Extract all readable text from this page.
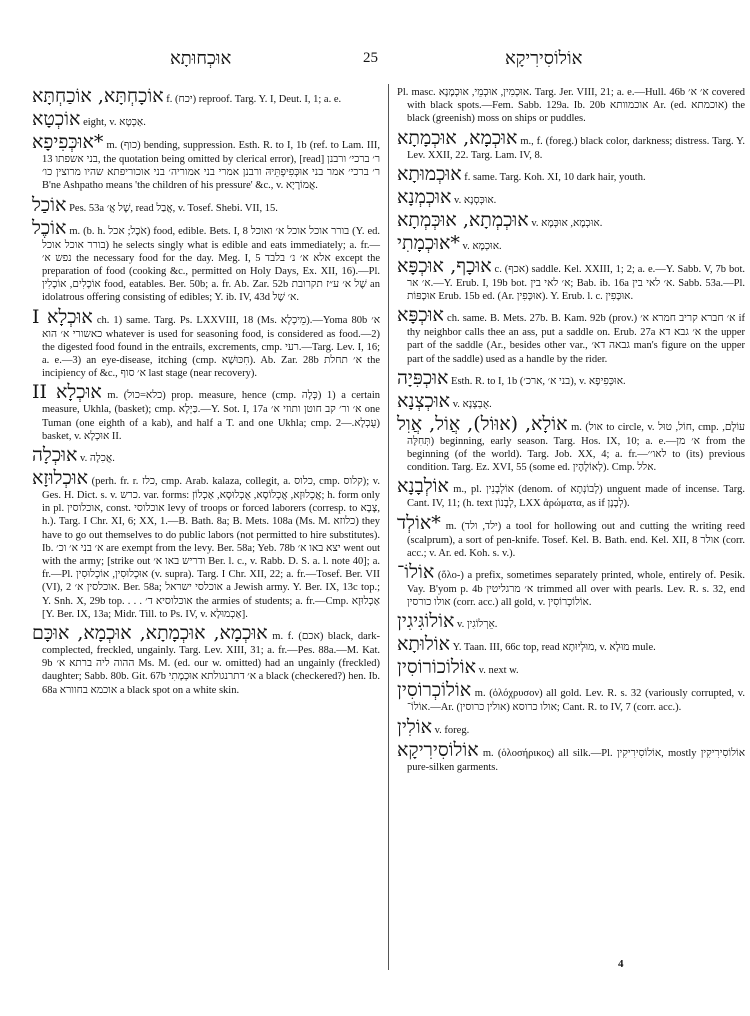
אוּכְחוּתָא	25	אוֹלוֹסִירִיקָא

אוֹכָחְתָּא, אוֹכַחְתָּא f. (יכח) reproof. Targ. Y. I, Deut. I, 1; a. e.

אוֹכְטָא eight, v. אַכְטָא.

*אוּכְּפִיפָא m. (כוף) bending, suppression. Esth. R. to I, 1b (ref. to Lam. III, 13 בני אשפתו, the quotation being omitted by clerical error), [read] ר׳ ברכי׳ ורבנן ר׳ ברכי׳ אמר בני אוּכְּפִיפְתֵּיהּ ורבנן אמרי בני אמוריה׳ בני אוכוריפתא שהיו מרוצין כו׳ B'ne Ashpatho means 'the children of his pressure' &c., v. אֲמוֹרָיָא.

אוֹכַל Pes. 53a שֶׁל אֲ׳, read אֲבַל, v. Tosef. Shebi. VII, 15.

אוֹכֶל m. (b. h. אֹכֶל; אכל) food, edible. Bets. I, 8 בורר אוכל אוכל א׳ ואוכל (Y. ed. בורר אוכל אוכל) he selects singly what is edible and eats immediately; a. fr.—נפש א׳ the necessary food for the day. Meg. I, 5 אלא א׳ נ׳ בלבד except the preparation of food (cooking &c., permitted on Holy Days, Ex. XII, 16).—Pl. אוֹכָלִים, אוֹכָלִין food, eatables. Ber. 50b; a. fr. Ab. Zar. 52b שֶׁל א׳ ע״ז תקרובת an idolatrous offering consisting of edibles; Y. ib. IV, 43d א׳ שֶׁל.

אוּכְלָא I ch. 1) same. Targ. Ps. LXXVIII, 18 (Ms. מֵיכְלָא).—Yoma 80b א׳ כאשורי א׳ הוא whatever is used for seasoning food, is considered as food.—2) the digested food found in the entrails, excrements, cmp. רעי.—Targ. Lev. I, 16; a. e.—3) an eye-disease, itching (cmp. חִכּוּשָׁא). Ab. Zar. 28b א׳ תחלת the incipiency of &c., א׳ סוף last stage (near recovery).

אוּכְלָא II m. (כלא=כול) prop. measure, hence (cmp. כְּלָה) 1) a certain measure, Ukhla, (basket); cmp. כַּיְלָא.—Y. Sot. I, 17a א׳ ור׳ קב חוטן ותוזי א׳ one Tuman (one eighth of a kab), and half a T. and one Ukhla; cmp. עֻכְלָא.—2) basket, v. אוּכְלָא II.

אוּכְלָה v. אֲכִלָה.

אוּכְלוּזָא (perh. fr. r. כלז, cmp. Arab. kalaza, collegit, a. כלוס, cmp. קלוס); v. Ges. H. Dict. s. v. כרש. var. forms: אֲכְלוּזָא, אֲכְלוֹסָא, אֻכְלוּסָא, אַכְלוֹזְ; h. form only in pl. אוכלוסין, const. אוכלוסי levy of troops or forced laborers (corresp. to צָבָא, h.). Targ. I Chr. XI, 6; XX, 1.—B. Bath. 8a; B. Mets. 108a (Ms. M. כלוזא) they have to go out themselves to do public labors (not permitted to hire substitutes). Ib. א׳ בני א׳ וכ׳ are exempt from the levy. Ber. 58a; Yeb. 78b יצא באו א׳ went out with the army; [strike out ודריש באו א׳ Ber. l. c., v. Rabb. D. S. a. l. note 40]; a. fr.—Pl. אוּכְלוּסִין, אוֹכְלוּסִין (v. supra). Targ. I Chr. XII, 22; a. fr.—Tosef. Ber. VII (VI), 2 אוכלסין א׳. Ber. 58a; אוכלסי ישראל a Jewish army. Y. Ber. IX, 13c top.; Y. Snh. X, 29b top. . . . אוכלוסיא ד׳ the armies of students; a. fr.—Cmp. אַכְלוּזָא [Y. Ber. IX, 13a; Midr. Till. to Ps. IV, v. אַכְמוּלָא].

אוּכְמָא, אוּכְמָתָא, אוּכְמָא, אוּכָּם m. f. (אכם) black, dark-complected, freckled, ungainly. Targ. Lev. XIII, 31; a. fr.—Pes. 88a.—M. Kat. 9b ההוה ליה ברתא א׳ Ms. M. (ed. our w. omitted) had an ungainly (freckled) daughter; Sabb. 80b. Git. 67b א׳ דתרנגולתא אוּכְמָתִי a black (checkered?) hen. Ib. 68a אוכמא בחוורא a black spot on a white skin.

Pl. masc. אוּכְמִין, אוּכְמֵי, אוּכְמָנָא. Targ. Jer. VIII, 21; a. e.—Hull. 46b א׳ א׳ covered with black spots.—Fem. Sabb. 129a. Ib. 20b אוכמוותא Ar. (ed. אוכמתא) the black (greenish) moss on ships or puddles.

אוּכְמָא, אוּכְמָתָא m., f. (foreg.) black color, darkness; distress. Targ. Y. Lev. XXII, 22. Targ. Lam. IV, 8.

אוּכְמוּתָא f. same. Targ. Koh. XI, 10 dark hair, youth.

אוּכְמְנָא v. אוּכְּסְנָא.

אוּכְמְתָא, אוּכְּמְתָא v. אוּכְמָא, אוּכְּמָא.

*אוּכְמָתִי v. אוּכְמָא.

אוּכָף, אוּכְפָּא c. (אכף) saddle. Kel. XXIII, 1; 2; a. e.—Y. Sabb. V, 7b bot. א׳ אר.—Y. Erub. I, 19b bot. א׳ לאי בין; Bab. ib. 16a א׳ לאי בין. Sabb. 53a.—Pl. אוּכָפּוֹת Erub. 15b ed. (Ar. אוּכָּפִין). Y. Erub. l. c. אוּכָּפִין.

אוּכְפָּא ch. same. B. Mets. 27b. B. Kam. 92b (prov.) א׳ חברא קריב חמרא א׳ if thy neighbor calls thee an ass, put a saddle on. Erub. 27a א׳ גבא דא the upper part of the saddle (Ar., besides other var., גבאה דא׳ man's figure on the upper part of the saddle) used as a handle by the rider.

אוּכְפִּיָה Esth. R. to I, 1b (בני א׳ ,ארכ׳), v. אוּכְּפִיפָא.

אוּכְצְנָא v. אֻבְצְנָא.

אוֹלָא, (אוּוֹל), אֲוֹל, אֲוִל m. (אול to circle, v. חוֹל, טוּל, cmp. עוֹלָם, תְּחִלָּה) beginning, early season. Targ. Hos. IX, 10; a. e.—א׳ מן from the beginning (of the world). Targ. Job. XX, 4; a. fr.—לאו׳׳ to (its) previous condition. Targ. Ez. XVI, 55 (some ed. לְאוֹלָהֶין). Cmp. אלל.

אוֹלְבָנָא m., pl. אוֹלְבָנִין (denom. of לְבוֹנְתָא) unguent made of incense. Targ. Cant. IV, 11; (h. text לְבָנוֹן, LXX ἀρώματα, as if לְבָנָן).

*אוֹלְד m. (ילד, ולד) a tool for hollowing out and cutting the writing reed (scalprum), a sort of pen-knife. Tosef. Kel. B. Bath. end. Kel. XII, 8 אולר (corr. acc.; v. Ar. ed. Koh. s. v.).

אוֹלוֹ־ (ὅλο-) a prefix, sometimes separately printed, whole, entirely of. Pesik. Vay. B'yom p. 4b א׳ מרגליטין trimmed all over with pearls. Lev. R. s. 32, end אולו כורסין (corr. acc.) all gold, v. אוֹלוֹכְרוֹסִין.

אוֹלוֹגִּיגִין v. אֵרְלוֹגִין.

אוֹלוּתָא Y. Taan. III, 66c top, read מוּלְיוּתָא, v. מוּלָא mule.

אוֹלוֹכוֹרוֹסִין v. next w.

אוֹלוֹכְרוֹסִין m. (ὁλόχρυσον) all gold. Lev. R. s. 32 (variously corrupted, v. אוֹלוֹ־.—Ar. אולו כרוסא (אולין כרוסין); Cant. R. to IV, 7 (corr. acc.).

אוֹלִין v. foreg.

אוֹלוֹסִירִיקָא m. (ὁλοσήρικος) all silk.—Pl. אוֹלוֹסִירִיקִין, mostly אוֹלוֹסִירִיקִין pure-silken garments.

4
